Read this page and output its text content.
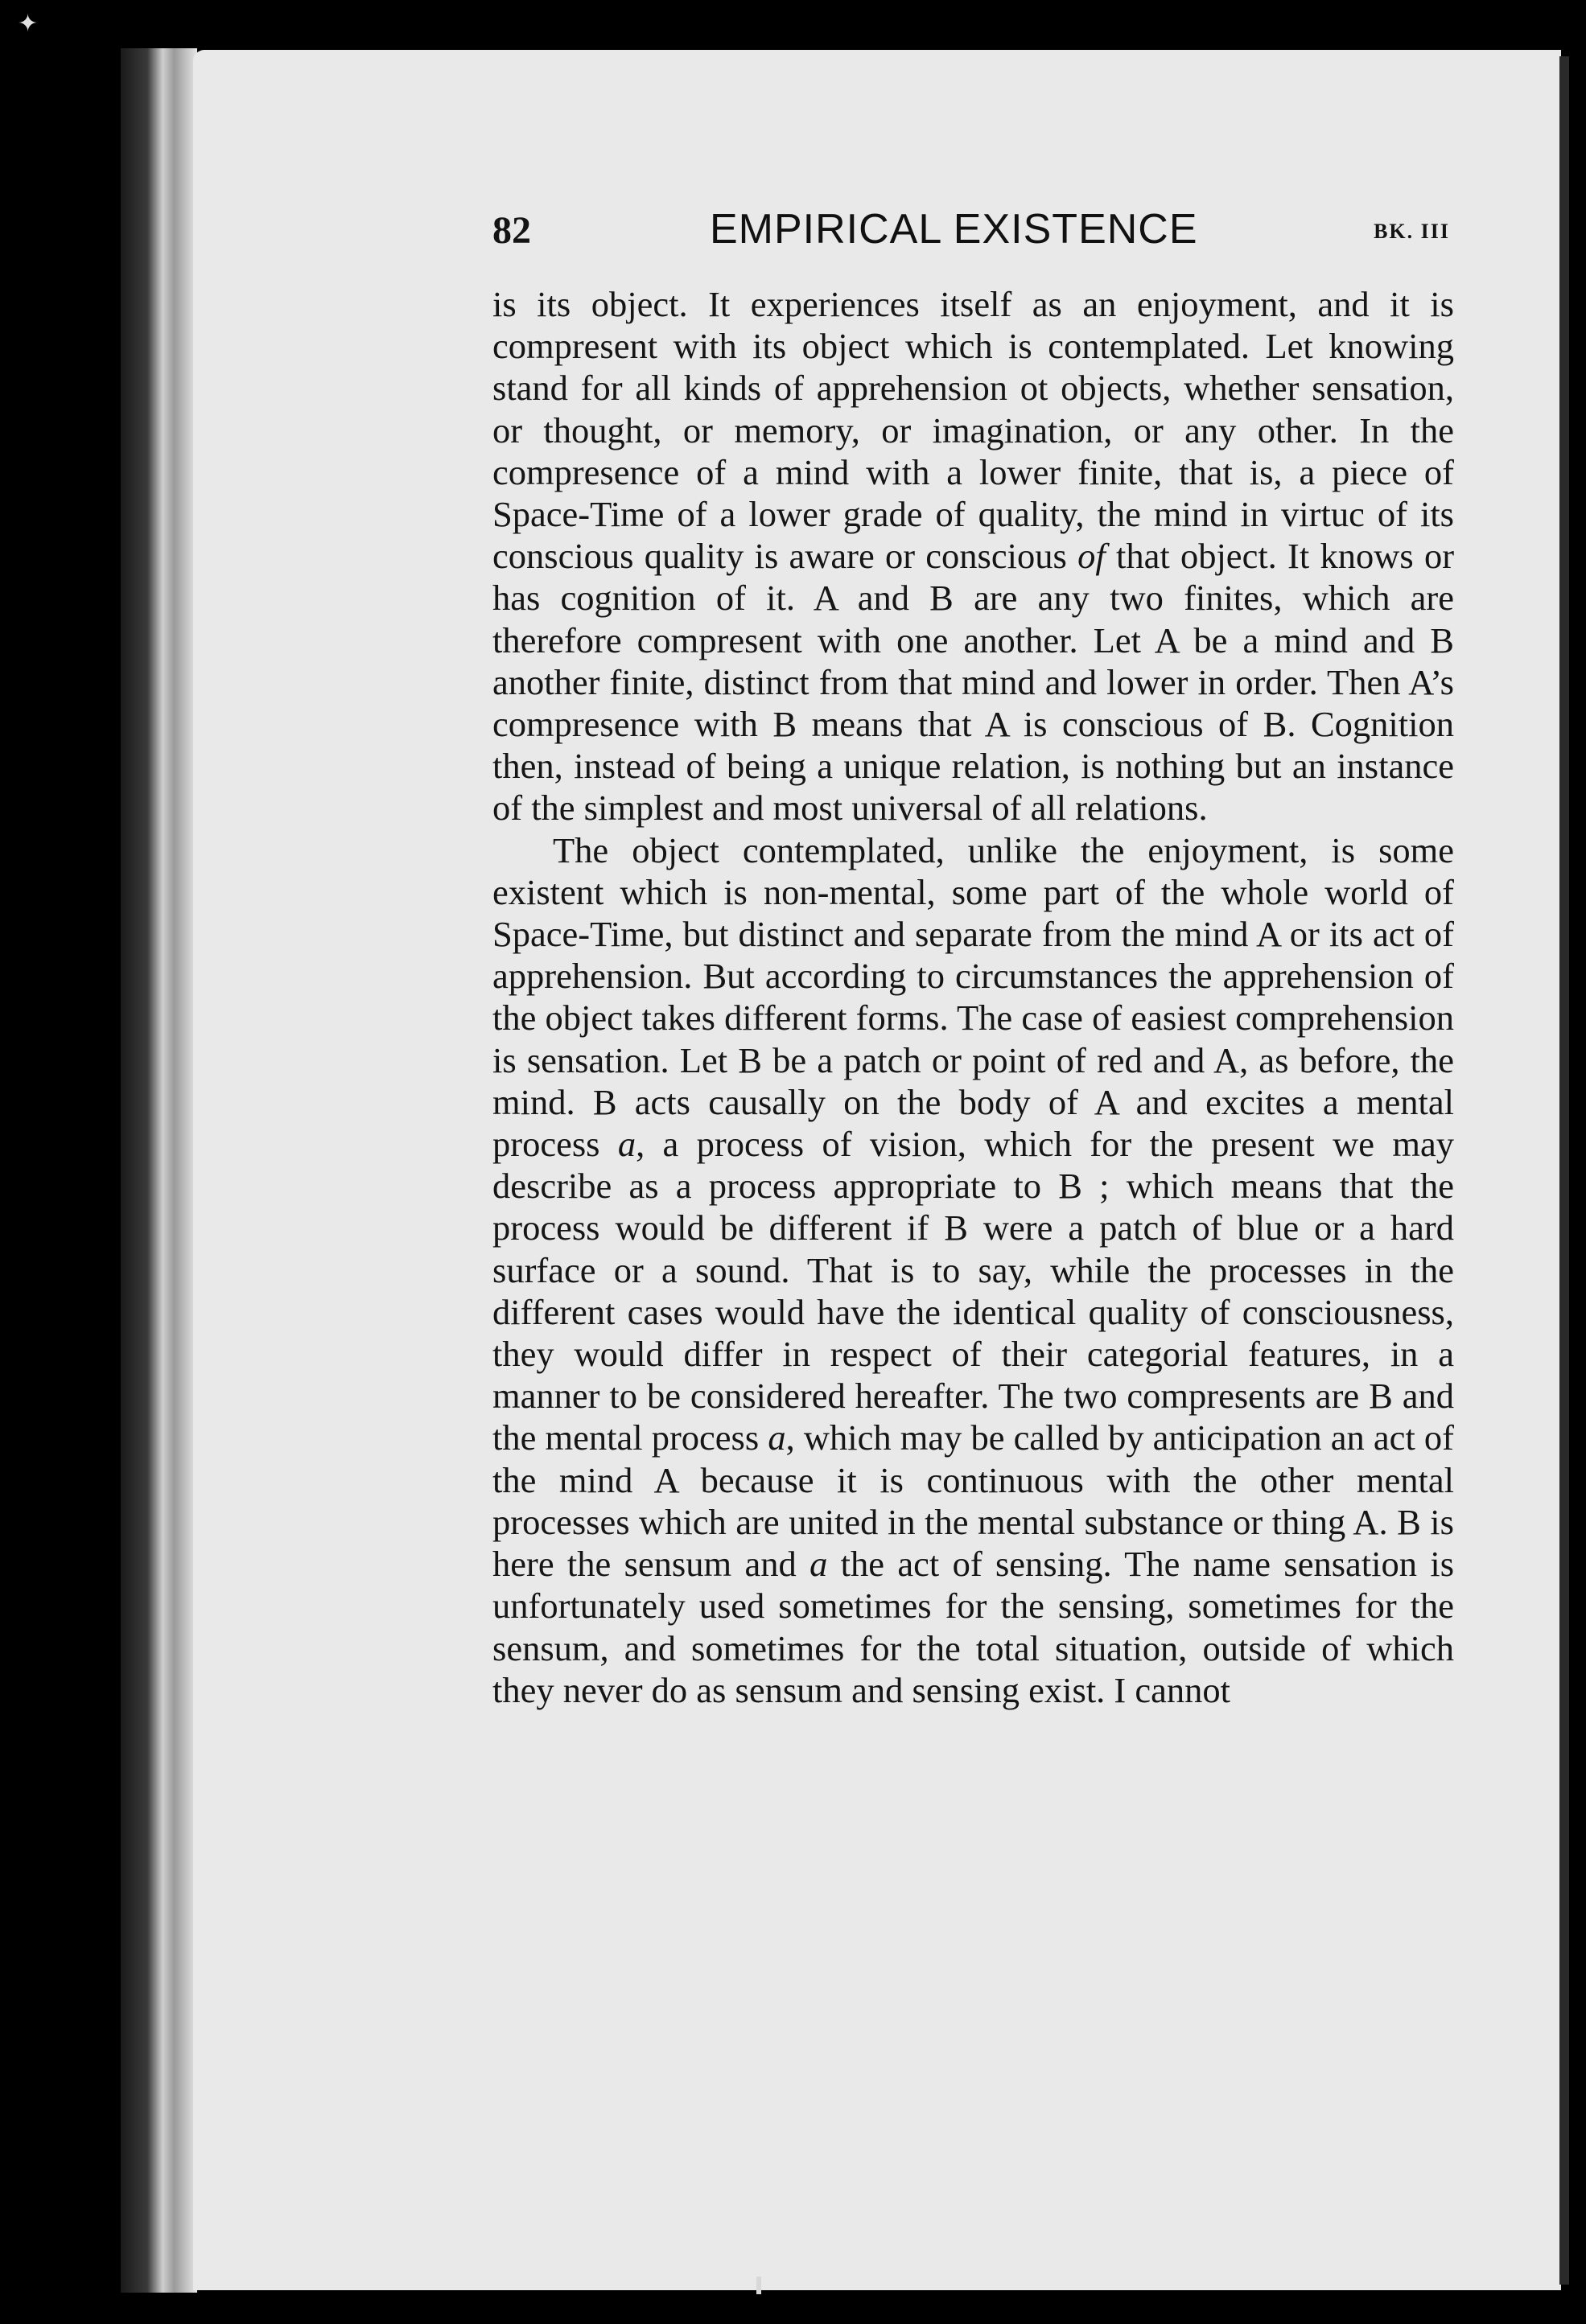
✦
82	EMPIRICAL EXISTENCE	BK. III

is its object. It experiences itself as an enjoyment, and it is compresent with its object which is contemplated. Let knowing stand for all kinds of apprehension ot objects, whether sensation, or thought, or memory, or imagination, or any other. In the compresence of a mind with a lower finite, that is, a piece of Space-Time of a lower grade of quality, the mind in virtuc of its conscious quality is aware or conscious of that object. It knows or has cognition of it. A and B are any two finites, which are therefore compresent with one another. Let A be a mind and B another finite, distinct from that mind and lower in order. Then A’s compresence with B means that A is conscious of B. Cognition then, instead of being a unique relation, is nothing but an instance of the simplest and most universal of all relations.

The object contemplated, unlike the enjoyment, is some existent which is non-mental, some part of the whole world of Space-Time, but distinct and separate from the mind A or its act of apprehension. But according to circumstances the apprehension of the object takes different forms. The case of easiest comprehension is sensation. Let B be a patch or point of red and A, as before, the mind. B acts causally on the body of A and excites a mental process a, a process of vision, which for the present we may describe as a process appropriate to B ; which means that the process would be different if B were a patch of blue or a hard surface or a sound. That is to say, while the processes in the different cases would have the identical quality of consciousness, they would differ in respect of their categorial features, in a manner to be considered hereafter. The two compresents are B and the mental process a, which may be called by anticipation an act of the mind A because it is continuous with the other mental processes which are united in the mental substance or thing A. B is here the sensum and a the act of sensing. The name sensation is unfortunately used sometimes for the sensing, sometimes for the sensum, and sometimes for the total situation, outside of which they never do as sensum and sensing exist. I cannot
